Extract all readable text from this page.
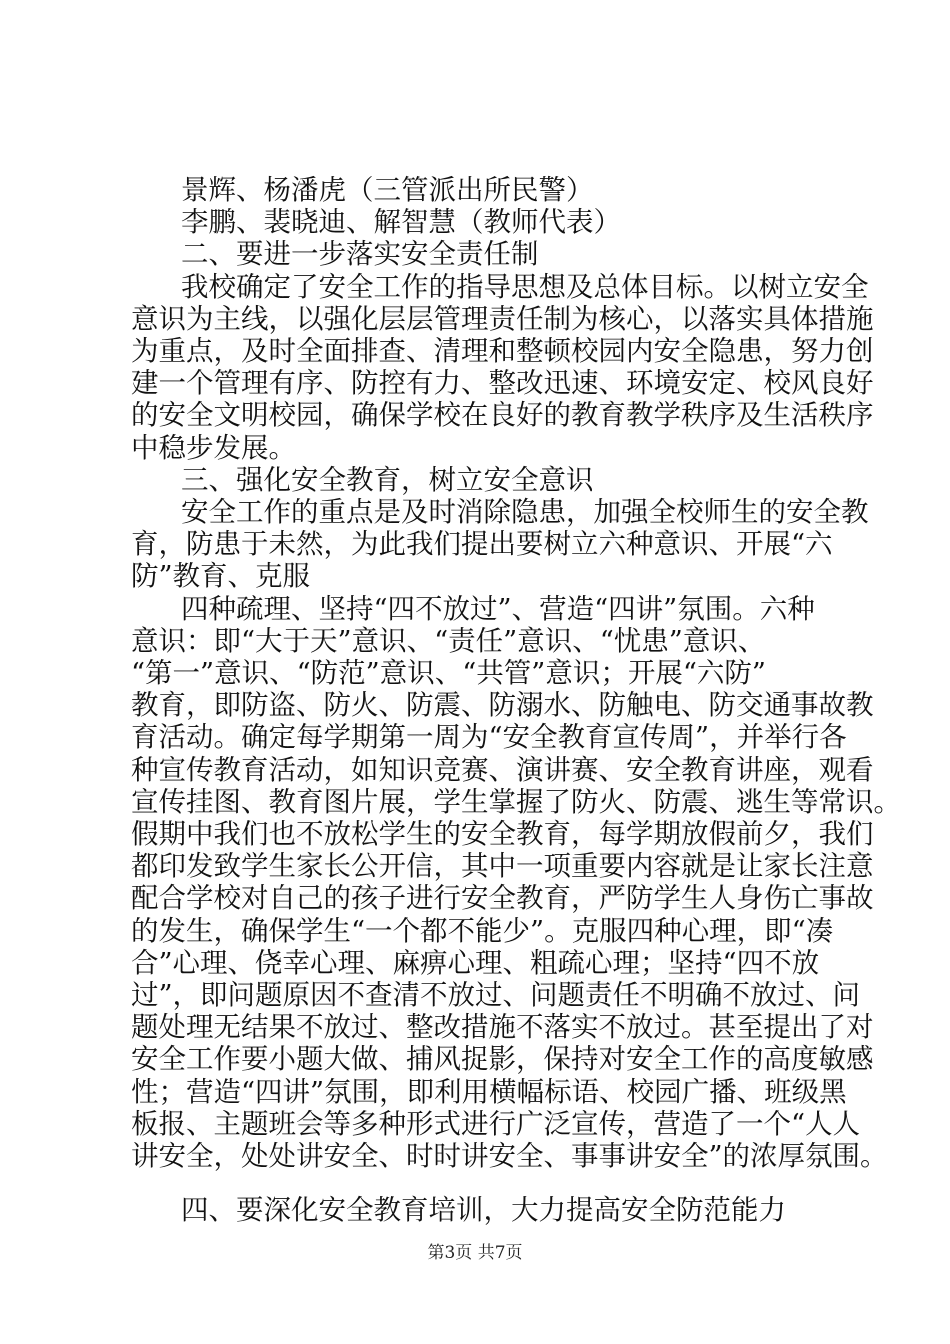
景辉、杨潘虎（三管派出所民警）
李鹏、裴晓迪、解智慧（教师代表）
二、要进一步落实安全责任制
我校确定了安全工作的指导思想及总体目标。以树立安全
意识为主线，以强化层层管理责任制为核心，以落实具体措施
为重点，及时全面排查、清理和整顿校园内安全隐患，努力创
建一个管理有序、防控有力、整改迅速、环境安定、校风良好
的安全文明校园，确保学校在良好的教育教学秩序及生活秩序
中稳步发展。
三、强化安全教育，树立安全意识
安全工作的重点是及时消除隐患，加强全校师生的安全教
育，防患于未然，为此我们提出要树立六种意识、开展“六
防”教育、克服
四种疏理、坚持“四不放过”、营造“四讲”氛围。六种
意识：即“大于天”意识、“责任”意识、“忧患”意识、
“第一”意识、“防范”意识、“共管”意识；开展“六防”
教育，即防盗、防火、防震、防溺水、防触电、防交通事故教
育活动。确定每学期第一周为“安全教育宣传周”，并举行各
种宣传教育活动，如知识竞赛、演讲赛、安全教育讲座，观看
宣传挂图、教育图片展，学生掌握了防火、防震、逃生等常识。
假期中我们也不放松学生的安全教育，每学期放假前夕，我们
都印发致学生家长公开信，其中一项重要内容就是让家长注意
配合学校对自己的孩子进行安全教育，严防学生人身伤亡事故
的发生，确保学生“一个都不能少”。克服四种心理，即“凑
合”心理、侥幸心理、麻痹心理、粗疏心理；坚持“四不放
过”，即问题原因不查清不放过、问题责任不明确不放过、问
题处理无结果不放过、整改措施不落实不放过。甚至提出了对
安全工作要小题大做、捕风捉影，保持对安全工作的高度敏感
性；营造“四讲”氛围，即利用横幅标语、校园广播、班级黑
板报、主题班会等多种形式进行广泛宣传，营造了一个“人人
讲安全，处处讲安全、时时讲安全、事事讲安全”的浓厚氛围。
四、要深化安全教育培训，大力提高安全防范能力
第3页 共7页
